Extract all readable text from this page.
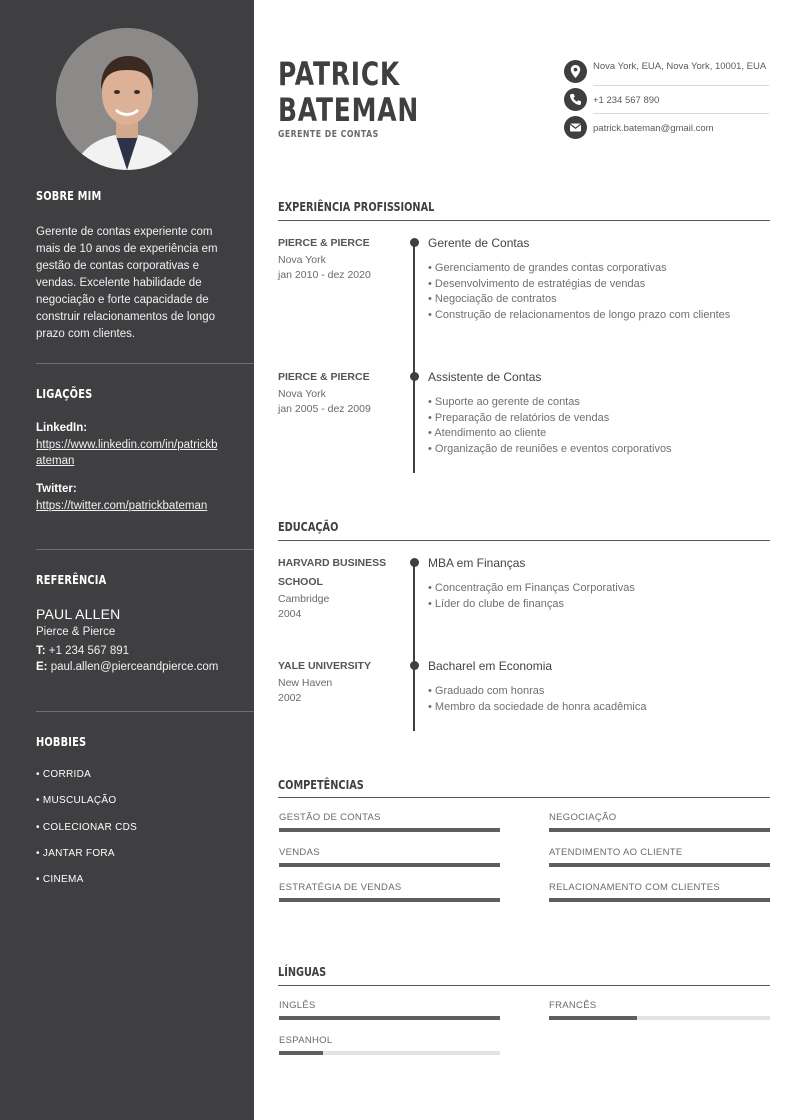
SOBRE MIM
Gerente de contas experiente com mais de 10 anos de experiência em gestão de contas corporativas e vendas. Excelente habilidade de negociação e forte capacidade de construir relacionamentos de longo prazo com clientes.
LIGAÇÕES
LinkedIn:
https://www.linkedin.com/in/patrickbateman
Twitter:
https://twitter.com/patrickbateman
REFERÊNCIA
PAUL ALLEN
Pierce & Pierce
T: +1 234 567 891
E: paul.allen@pierceandpierce.com
HOBBIES
• CORRIDA
• MUSCULAÇÃO
• COLECIONAR CDS
• JANTAR FORA
• CINEMA
PATRICK
BATEMAN
GERENTE DE CONTAS
Nova York, EUA, Nova York, 10001, EUA
+1 234 567 890
patrick.bateman@gmail.com
EXPERIÊNCIA PROFISSIONAL
PIERCE & PIERCE
Nova York
jan 2010 - dez 2020
Gerente de Contas
• Gerenciamento de grandes contas corporativas
• Desenvolvimento de estratégias de vendas
• Negociação de contratos
• Construção de relacionamentos de longo prazo com clientes
PIERCE & PIERCE
Nova York
jan 2005 - dez 2009
Assistente de Contas
• Suporte ao gerente de contas
• Preparação de relatórios de vendas
• Atendimento ao cliente
• Organização de reuniões e eventos corporativos
EDUCAÇÃO
HARVARD BUSINESS SCHOOL
Cambridge
2004
MBA em Finanças
• Concentração em Finanças Corporativas
• Líder do clube de finanças
YALE UNIVERSITY
New Haven
2002
Bacharel em Economia
• Graduado com honras
• Membro da sociedade de honra acadêmica
COMPETÊNCIAS
GESTÃO DE CONTAS	NEGOCIAÇÃO
VENDAS	ATENDIMENTO AO CLIENTE
ESTRATÉGIA DE VENDAS	RELACIONAMENTO COM CLIENTES
LÍNGUAS
INGLÊS	FRANCÊS
ESPANHOL
